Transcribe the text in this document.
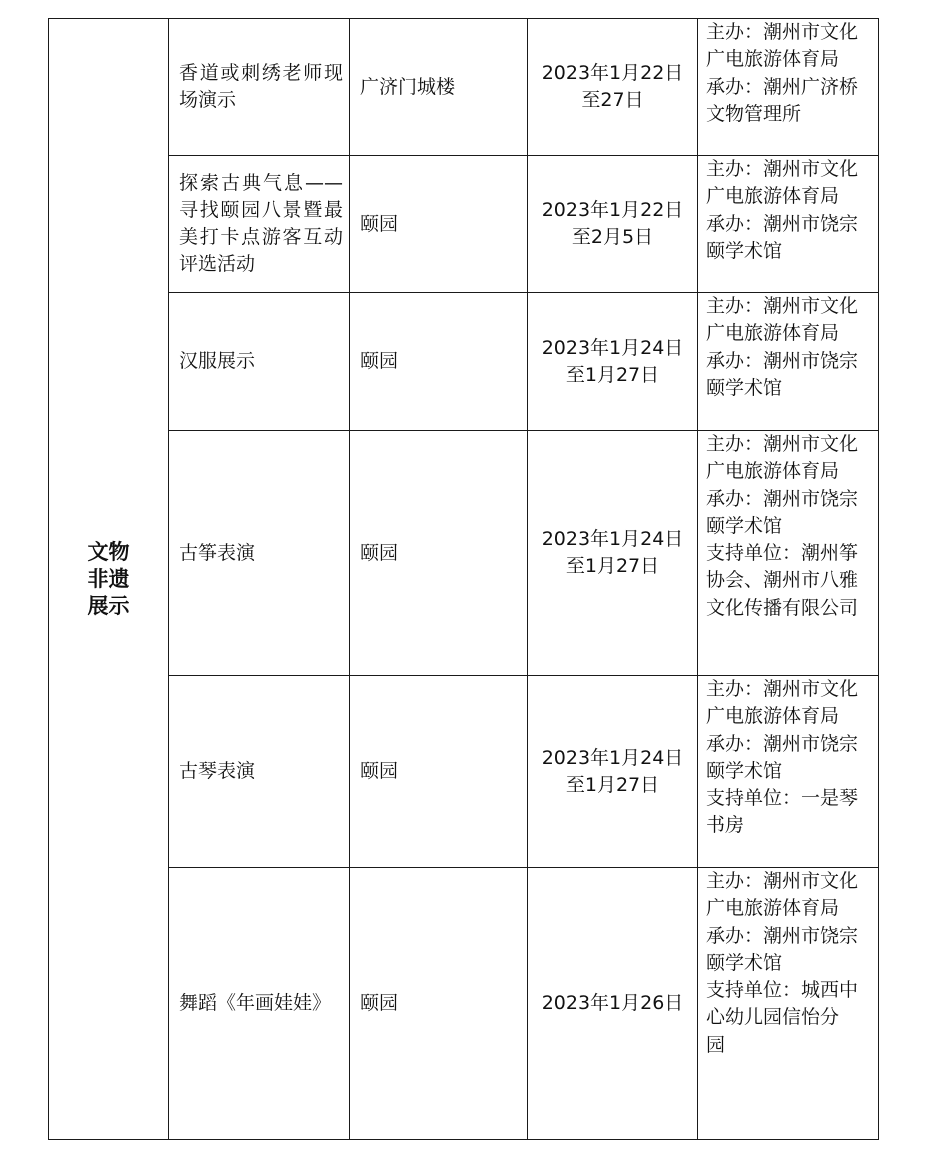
文物非遗展示	香道或刺绣老师现场演示	广济门城楼	2023年1月22日至27日	主办：潮州市文化广电旅游体育局
承办：潮州广济桥文物管理所

	探索古典气息——寻找颐园八景暨最美打卡点游客互动评选活动	颐园	2023年1月22日至2月5日	主办：潮州市文化广电旅游体育局
承办：潮州市饶宗颐学术馆

	汉服展示	颐园	2023年1月24日至1月27日	主办：潮州市文化广电旅游体育局
承办：潮州市饶宗颐学术馆

	古筝表演	颐园	2023年1月24日至1月27日	主办：潮州市文化广电旅游体育局
承办：潮州市饶宗颐学术馆
支持单位：潮州筝协会、潮州市八雅文化传播有限公司

	古琴表演	颐园	2023年1月24日至1月27日	主办：潮州市文化广电旅游体育局
承办：潮州市饶宗颐学术馆
支持单位：一是琴书房

	舞蹈《年画娃娃》	颐园	2023年1月26日	主办：潮州市文化广电旅游体育局
承办：潮州市饶宗颐学术馆
支持单位：城西中心幼儿园信怡分
园
